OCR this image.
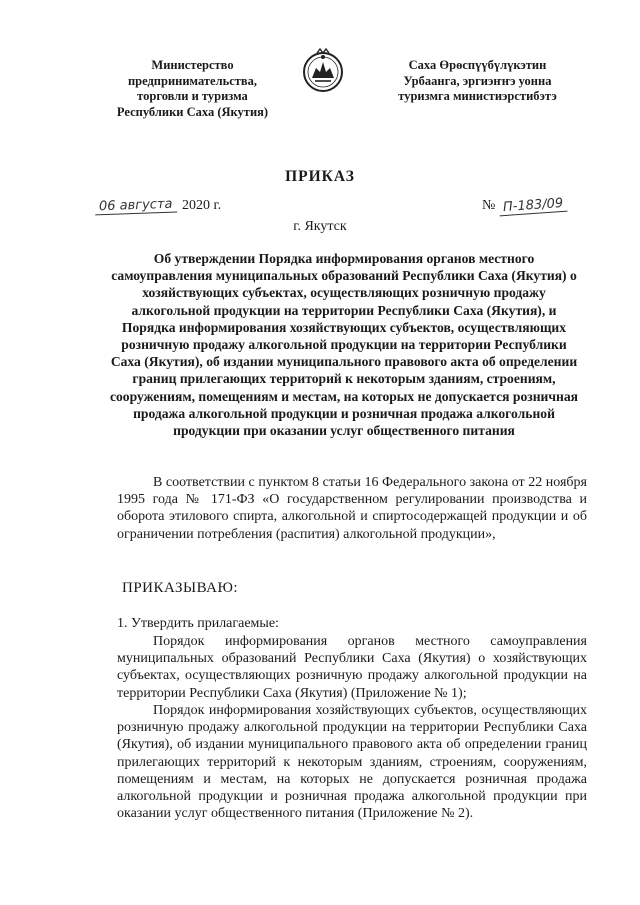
Министерство
предпринимательства,
торговли и туризма
Республики Саха (Якутия)
Саха Өрөспүүбүлүкэтин
Урбаанга, эргиэҥҥэ уонна
туризмга министиэрстибэтэ
ПРИКАЗ
06 августа 2020 г.	№ П-183/09
г. Якутск
Об утверждении Порядка информирования органов местного самоуправления муниципальных образований Республики Саха (Якутия) о хозяйствующих субъектах, осуществляющих розничную продажу алкогольной продукции на территории Республики Саха (Якутия), и Порядка информирования хозяйствующих субъектов, осуществляющих розничную продажу алкогольной продукции на территории Республики Саха (Якутия), об издании муниципального правового акта об определении границ прилегающих территорий к некоторым зданиям, строениям, сооружениям, помещениям и местам, на которых не допускается розничная продажа алкогольной продукции и розничная продажа алкогольной продукции при оказании услуг общественного питания

В соответствии с пунктом 8 статьи 16 Федерального закона от 22 ноября 1995 года № 171-ФЗ «О государственном регулировании производства и оборота этилового спирта, алкогольной и спиртосодержащей продукции и об ограничении потребления (распития) алкогольной продукции»,

ПРИКАЗЫВАЮ:

1. Утвердить прилагаемые:

Порядок информирования органов местного самоуправления муниципальных образований Республики Саха (Якутия) о хозяйствующих субъектах, осуществляющих розничную продажу алкогольной продукции на территории Республики Саха (Якутия) (Приложение № 1);

Порядок информирования хозяйствующих субъектов, осуществляющих розничную продажу алкогольной продукции на территории Республики Саха (Якутия), об издании муниципального правового акта об определении границ прилегающих территорий к некоторым зданиям, строениям, сооружениям, помещениям и местам, на которых не допускается розничная продажа алкогольной продукции и розничная продажа алкогольной продукции при оказании услуг общественного питания (Приложение № 2).
